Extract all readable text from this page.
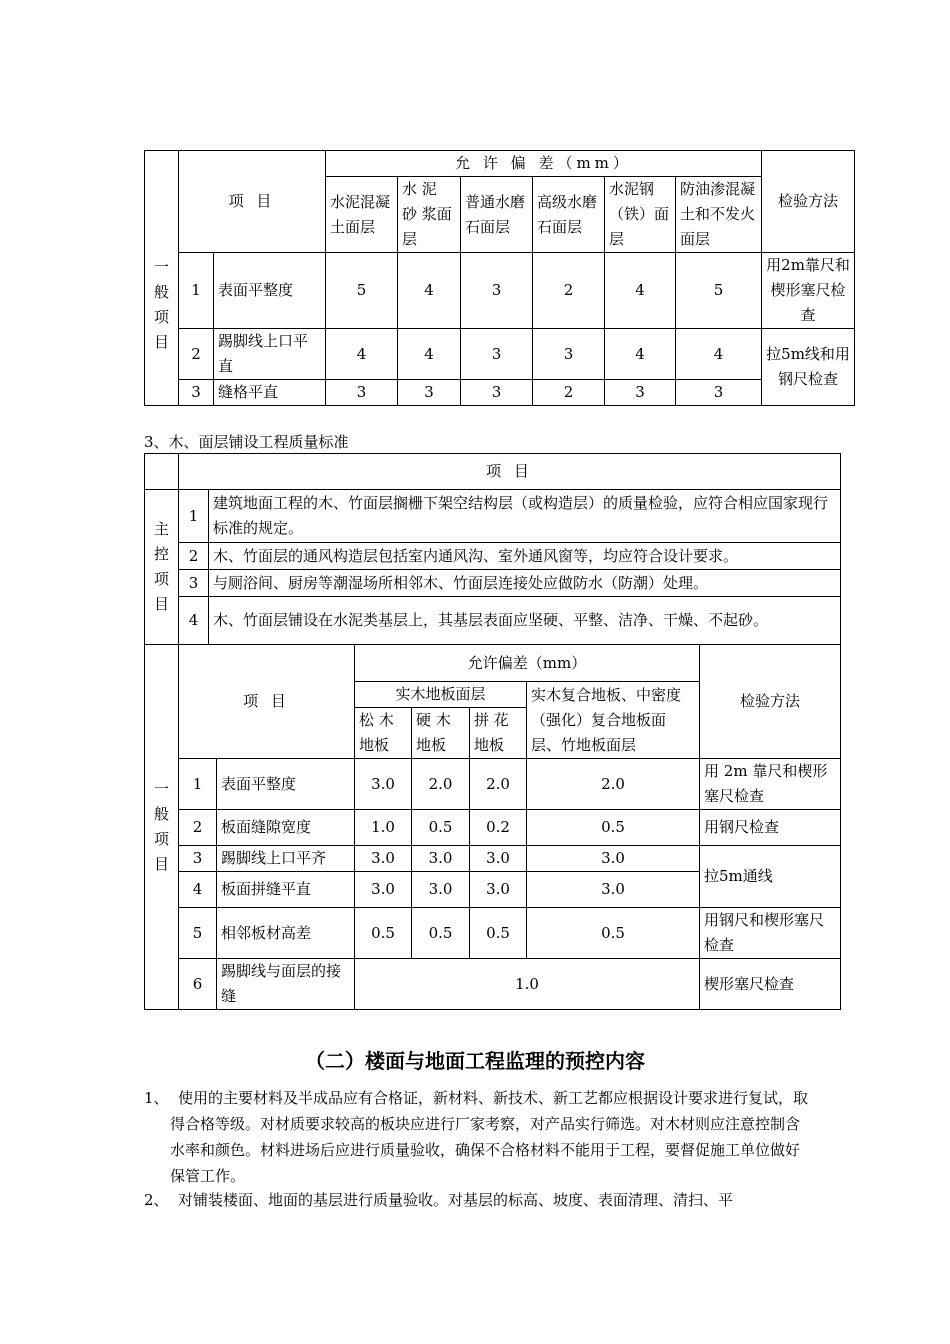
一
般
项
目	项 目		允 许 偏 差（mm）						检验方法
			水泥混凝土面层	水 泥 砂 浆面层	普通水磨石面层	高级水磨石面层	水泥钢（铁）面层	防油渗混凝土和不发火面层	
	1	表面平整度	5	4	3	2	4	5	用2m靠尺和楔形塞尺检查
	2	踢脚线上口平直	4	4	3	3	4	4	拉5m线和用钢尺检查
	3	缝格平直	3	3	3	2	3	3	
3、木、面层铺设工程质量标准
	项 目	
主
控
项
目	1	建筑地面工程的木、竹面层搁栅下架空结构层（或构造层）的质量检验，应符合相应国家现行标准的规定。
	2	木、竹面层的通风构造层包括室内通风沟、室外通风窗等，均应符合设计要求。
	3	与厕浴间、厨房等潮湿场所相邻木、竹面层连接处应做防水（防潮）处理。
	4	木、竹面层铺设在水泥类基层上，其基层表面应坚硬、平整、洁净、干燥、不起砂。
一
般
项
目	项 目		允许偏差（mm）				检验方法
			实木地板面层			实木复合地板、中密度（强化）复合地板面层、竹地板面层	
			松 木地板	硬 木地板	拼 花地板		
	1	表面平整度	3.0	2.0	2.0	2.0	用 2m 靠尺和楔形塞尺检查
	2	板面缝隙宽度	1.0	0.5	0.2	0.5	用钢尺检查
	3	踢脚线上口平齐	3.0	3.0	3.0	3.0	拉5m通线
	4	板面拼缝平直	3.0	3.0	3.0	3.0	
	5	相邻板材高差	0.5	0.5	0.5	0.5	用钢尺和楔形塞尺检查
	6	踢脚线与面层的接缝	1.0				楔形塞尺检查
（二）楼面与地面工程监理的预控内容
1、 使用的主要材料及半成品应有合格证，新材料、新技术、新工艺都应根据设计要求进行复试，取得合格等级。对材质要求较高的板块应进行厂家考察，对产品实行筛选。对木材则应注意控制含水率和颜色。材料进场后应进行质量验收，确保不合格材料不能用于工程，要督促施工单位做好保管工作。
2、 对铺装楼面、地面的基层进行质量验收。对基层的标高、坡度、表面清理、清扫、平
